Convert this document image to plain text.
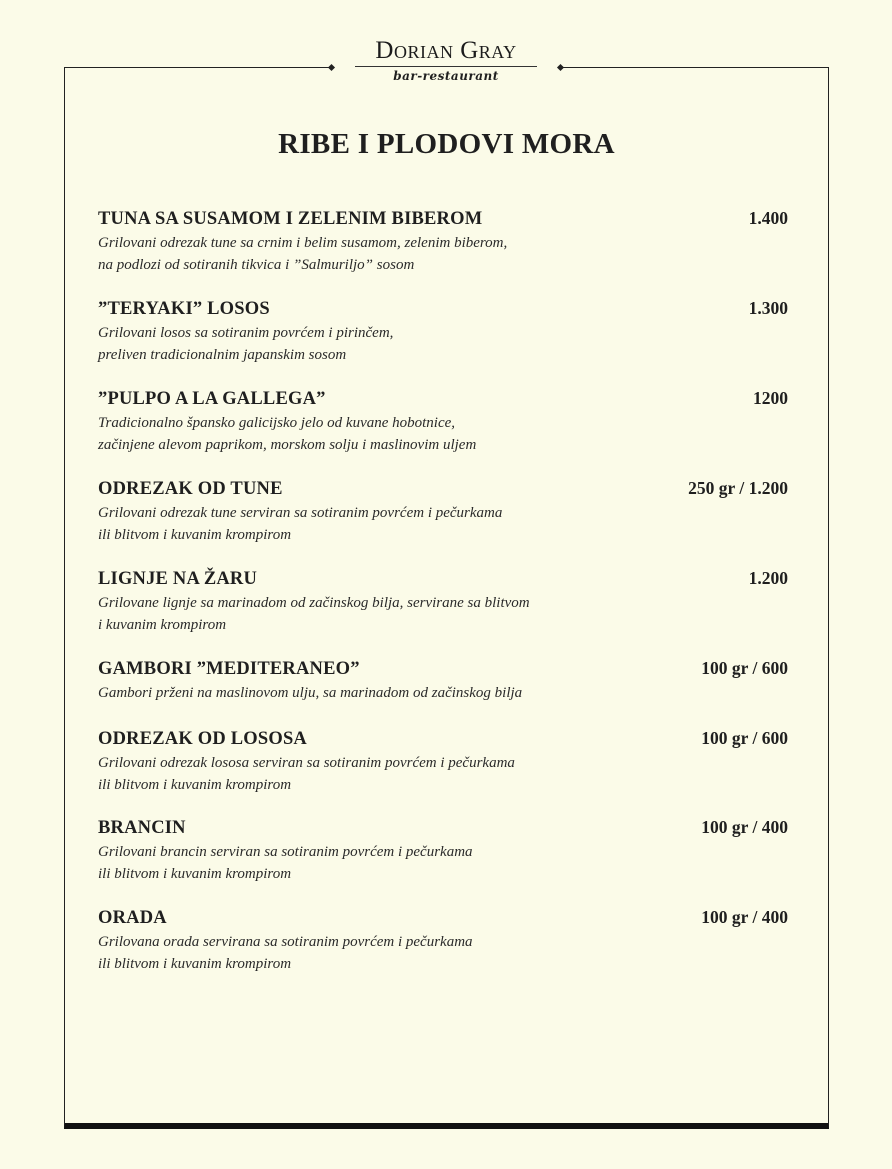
Dorian Gray
bar-restaurant
RIBE I PLODOVI MORA
TUNA SA SUSAMOM I ZELENIM BIBEROM	1.400
Grilovani odrezak tune sa crnim i belim susamom, zelenim biberom,
na podlozi od sotiranih tikvica i ”Salmuriljo” sosom
”TERYAKI” LOSOS	1.300
Grilovani losos sa sotiranim povrćem i pirinčem,
preliven tradicionalnim japanskim sosom
”PULPO A LA GALLEGA”	1200
Tradicionalno špansko galicijsko jelo od kuvane hobotnice,
začinjene alevom paprikom, morskom solju i maslinovim uljem
ODREZAK OD TUNE	250 gr / 1.200
Grilovani odrezak tune serviran sa sotiranim povrćem i pečurkama
ili blitvom i kuvanim krompirom
LIGNJE NA ŽARU	1.200
Grilovane lignje sa marinadom od začinskog bilja, servirane sa blitvom
i kuvanim krompirom
GAMBORI ”MEDITERANEO”	100 gr / 600
Gambori prženi na maslinovom ulju, sa marinadom od začinskog bilja
ODREZAK OD LOSOSA	100 gr / 600
Grilovani odrezak lososa serviran sa sotiranim povrćem i pečurkama
ili blitvom i kuvanim krompirom
BRANCIN	100 gr / 400
Grilovani brancin serviran sa sotiranim povrćem i pečurkama
ili blitvom i kuvanim krompirom
ORADA	100 gr / 400
Grilovana orada servirana sa sotiranim povrćem i pečurkama
ili blitvom i kuvanim krompirom
